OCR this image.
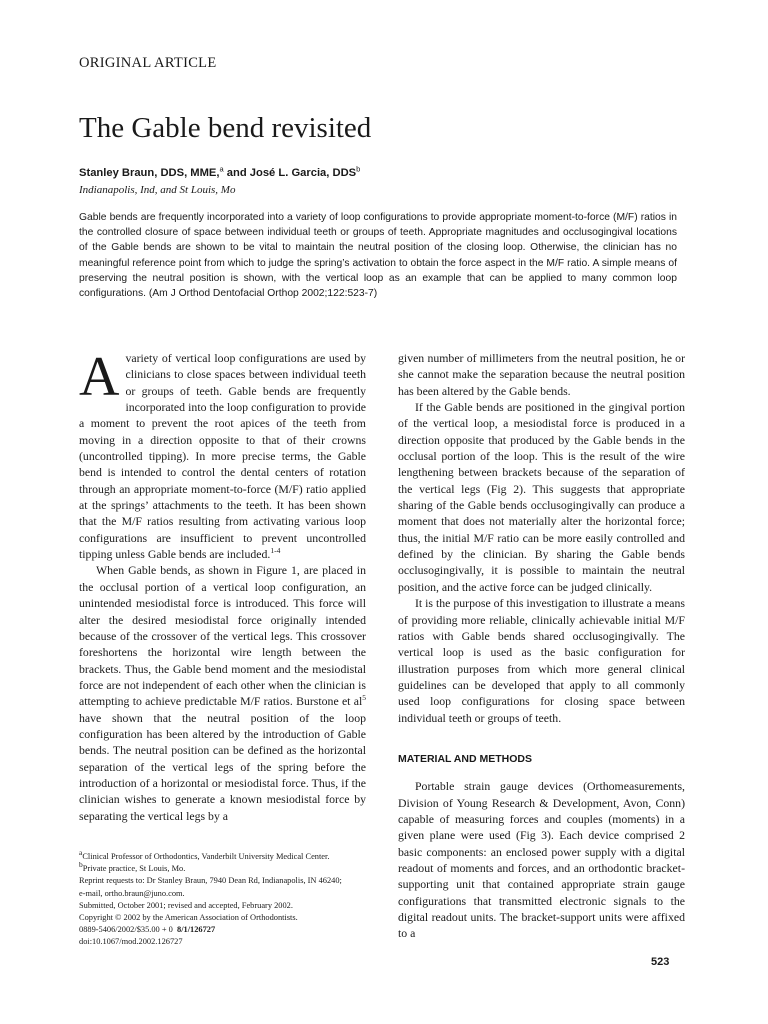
ORIGINAL ARTICLE
The Gable bend revisited
Stanley Braun, DDS, MME,$^a$ and José L. Garcia, DDS$^b$
Indianapolis, Ind, and St Louis, Mo

Gable bends are frequently incorporated into a variety of loop configurations to provide appropriate moment-to-force (M/F) ratios in the controlled closure of space between individual teeth or groups of teeth. Appropriate magnitudes and occlusogingival locations of the Gable bends are shown to be vital to maintain the neutral position of the closing loop. Otherwise, the clinician has no meaningful reference point from which to judge the spring’s activation to obtain the force aspect in the M/F ratio. A simple means of preserving the neutral position is shown, with the vertical loop as an example that can be applied to many common loop configurations. (Am J Orthod Dentofacial Orthop 2002;122:523-7)

A variety of vertical loop configurations are used by clinicians to close spaces between individual teeth or groups of teeth. Gable bends are frequently incorporated into the loop configuration to provide a moment to prevent the root apices of the teeth from moving in a direction opposite to that of their crowns (uncontrolled tipping). In more precise terms, the Gable bend is intended to control the dental centers of rotation through an appropriate moment-to-force (M/F) ratio applied at the springs’ attachments to the teeth. It has been shown that the M/F ratios resulting from activating various loop configurations are insufficient to prevent uncontrolled tipping unless Gable bends are included.$^{1-4}$

When Gable bends, as shown in Figure 1, are placed in the occlusal portion of a vertical loop configuration, an unintended mesiodistal force is introduced. This force will alter the desired mesiodistal force originally intended because of the crossover of the vertical legs. This crossover foreshortens the horizontal wire length between the brackets. Thus, the Gable bend moment and the mesiodistal force are not independent of each other when the clinician is attempting to achieve predictable M/F ratios. Burstone et $al^5$ have shown that the neutral position of the loop configuration has been altered by the introduction of Gable bends. The neutral position can be defined as the horizontal separation of the vertical legs of the spring before the introduction of a horizontal or mesiodistal force. Thus, if the clinician wishes to generate a known mesiodistal force by separating the vertical legs by a

given number of millimeters from the neutral position, he or she cannot make the separation because the neutral position has been altered by the Gable bends.

If the Gable bends are positioned in the gingival portion of the vertical loop, a mesiodistal force is produced in a direction opposite that produced by the Gable bends in the occlusal portion of the loop. This is the result of the wire lengthening between brackets because of the separation of the vertical legs (Fig 2). This suggests that appropriate sharing of the Gable bends occlusogingivally can produce a moment that does not materially alter the horizontal force; thus, the initial M/F ratio can be more easily controlled and defined by the clinician. By sharing the Gable bends occlusogingivally, it is possible to maintain the neutral position, and the active force can be judged clinically.

It is the purpose of this investigation to illustrate a means of providing more reliable, clinically achievable initial M/F ratios with Gable bends shared occlusogingivally. The vertical loop is used as the basic configuration for illustration purposes from which more general clinical guidelines can be developed that apply to all commonly used loop configurations for closing space between individual teeth or groups of teeth.

MATERIAL AND METHODS

Portable strain gauge devices (Orthomeasurements, Division of Young Research & Development, Avon, Conn) capable of measuring forces and couples (moments) in a given plane were used (Fig 3). Each device comprised 2 basic components: an enclosed power supply with a digital readout of moments and forces, and an orthodontic bracket-supporting unit that contained appropriate strain gauge configurations that transmitted electronic signals to the digital readout units. The bracket-support units were affixed to a

$^a$Clinical Professor of Orthodontics, Vanderbilt University Medical Center.
$^b$Private practice, St Louis, Mo.
Reprint requests to: Dr Stanley Braun, 7940 Dean Rd, Indianapolis, IN 46240;
e-mail, ortho.braun@juno.com.
Submitted, October 2001; revised and accepted, February 2002.
Copyright © 2002 by the American Association of Orthodontists.
0889-5406/2002/$35.00 + 0 8/1/126727
doi:10.1067/mod.2002.126727
523
